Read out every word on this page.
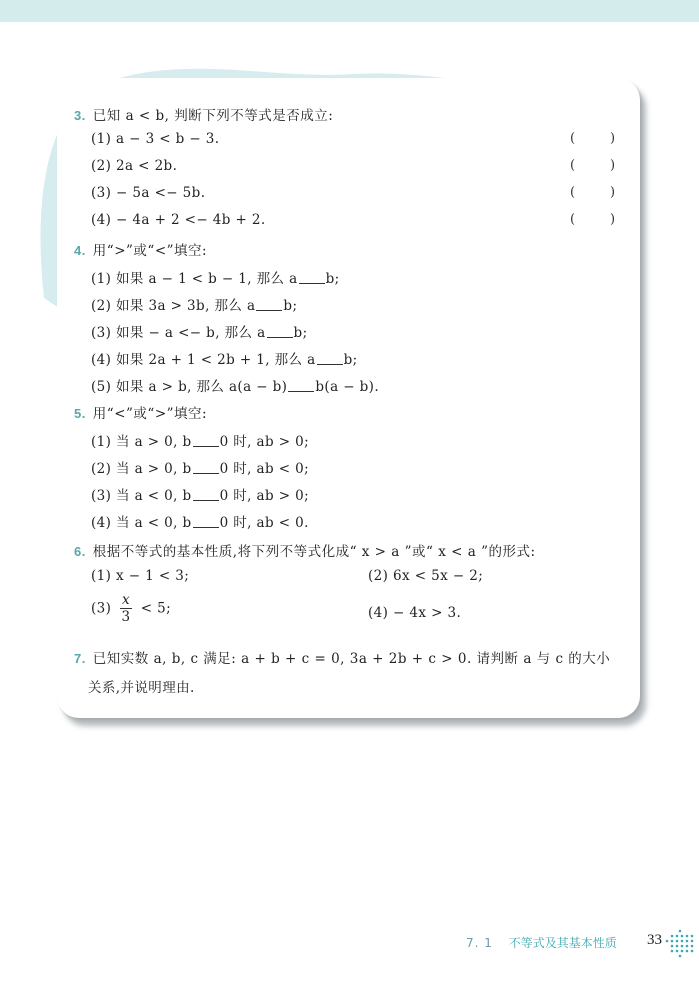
3. 已知 a < b, 判断下列不等式是否成立:
(1) a − 3 < b − 3.	(	)
(2) 2a < 2b.	(	)
(3) − 5a <− 5b.	(	)
(4) − 4a + 2 <− 4b + 2.	(	)
4. 用“>”或“<”填空:
(1) 如果 a − 1 < b − 1, 那么 a b;
(2) 如果 3a > 3b, 那么 a b;
(3) 如果 − a <− b, 那么 a b;
(4) 如果 2a + 1 < 2b + 1, 那么 a b;
(5) 如果 a > b, 那么 a(a − b) b(a − b).
5. 用“<”或“>”填空:
(1) 当 a > 0, b 0 时, ab > 0;
(2) 当 a > 0, b 0 时, ab < 0;
(3) 当 a < 0, b 0 时, ab > 0;
(4) 当 a < 0, b 0 时, ab < 0.
6. 根据不等式的基本性质,将下列不等式化成“ x > a ”或“ x < a ”的形式:
(1) x − 1 < 3;	(2) 6x < 5x − 2;
$(3) \frac{x}{3} < 5$;	(4) − 4x > 3.
7. 已知实数 a, b, c 满足: a + b + c = 0, 3a + 2b + c > 0. 请判断 a 与 c 的大小
关系,并说明理由.
7. 1 不等式及其基本性质 33
